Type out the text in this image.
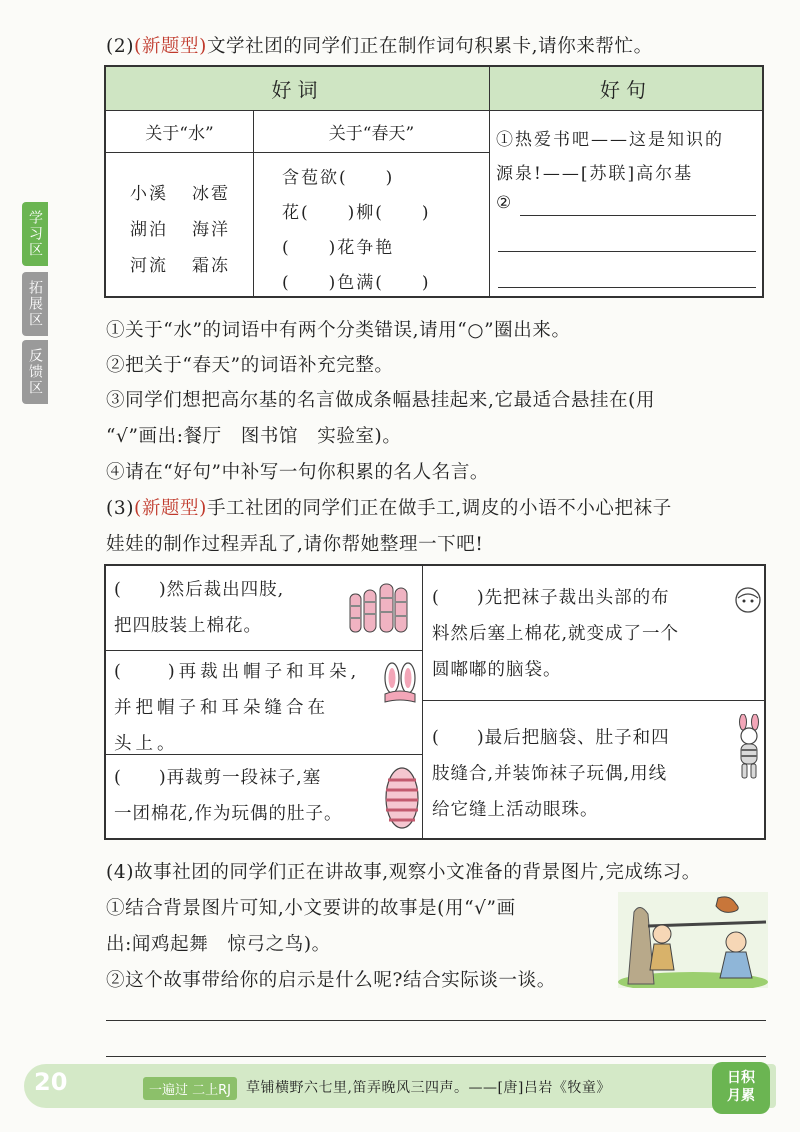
学习区
拓展区
反馈区
(2)(新题型)文学社团的同学们正在制作词句积累卡,请你来帮忙。
好词	好句
关于“水”	关于“春天”
小溪 冰雹
湖泊 海洋
河流 霜冻
含苞欲(　　)
花(　　)柳(　　)
(　　)花争艳
(　　)色满(　　)
①热爱书吧——这是知识的
源泉!——[苏联]高尔基
②
①关于“水”的词语中有两个分类错误,请用“○”圈出来。
②把关于“春天”的词语补充完整。
③同学们想把高尔基的名言做成条幅悬挂起来,它最适合悬挂在(用
“√”画出:餐厅　图书馆　实验室)。
④请在“好句”中补写一句你积累的名人名言。
(3)(新题型)手工社团的同学们正在做手工,调皮的小语不小心把袜子
娃娃的制作过程弄乱了,请你帮她整理一下吧!
(　　)然后裁出四肢,
把四肢装上棉花。
(　　)再裁出帽子和耳朵,
并把帽子和耳朵缝合在
头上。
(　　)再裁剪一段袜子,塞
一团棉花,作为玩偶的肚子。
(　　)先把袜子裁出头部的布
料然后塞上棉花,就变成了一个
圆嘟嘟的脑袋。
(　　)最后把脑袋、肚子和四
肢缝合,并装饰袜子玩偶,用线
给它缝上活动眼珠。
(4)故事社团的同学们正在讲故事,观察小文准备的背景图片,完成练习。
①结合背景图片可知,小文要讲的故事是(用“√”画
出:闻鸡起舞　惊弓之鸟)。
②这个故事带给你的启示是什么呢?结合实际谈一谈。
20	一遍过 二上RJ	草铺横野六七里,笛弄晚风三四声。——[唐]吕岩《牧童》
日积
月累
